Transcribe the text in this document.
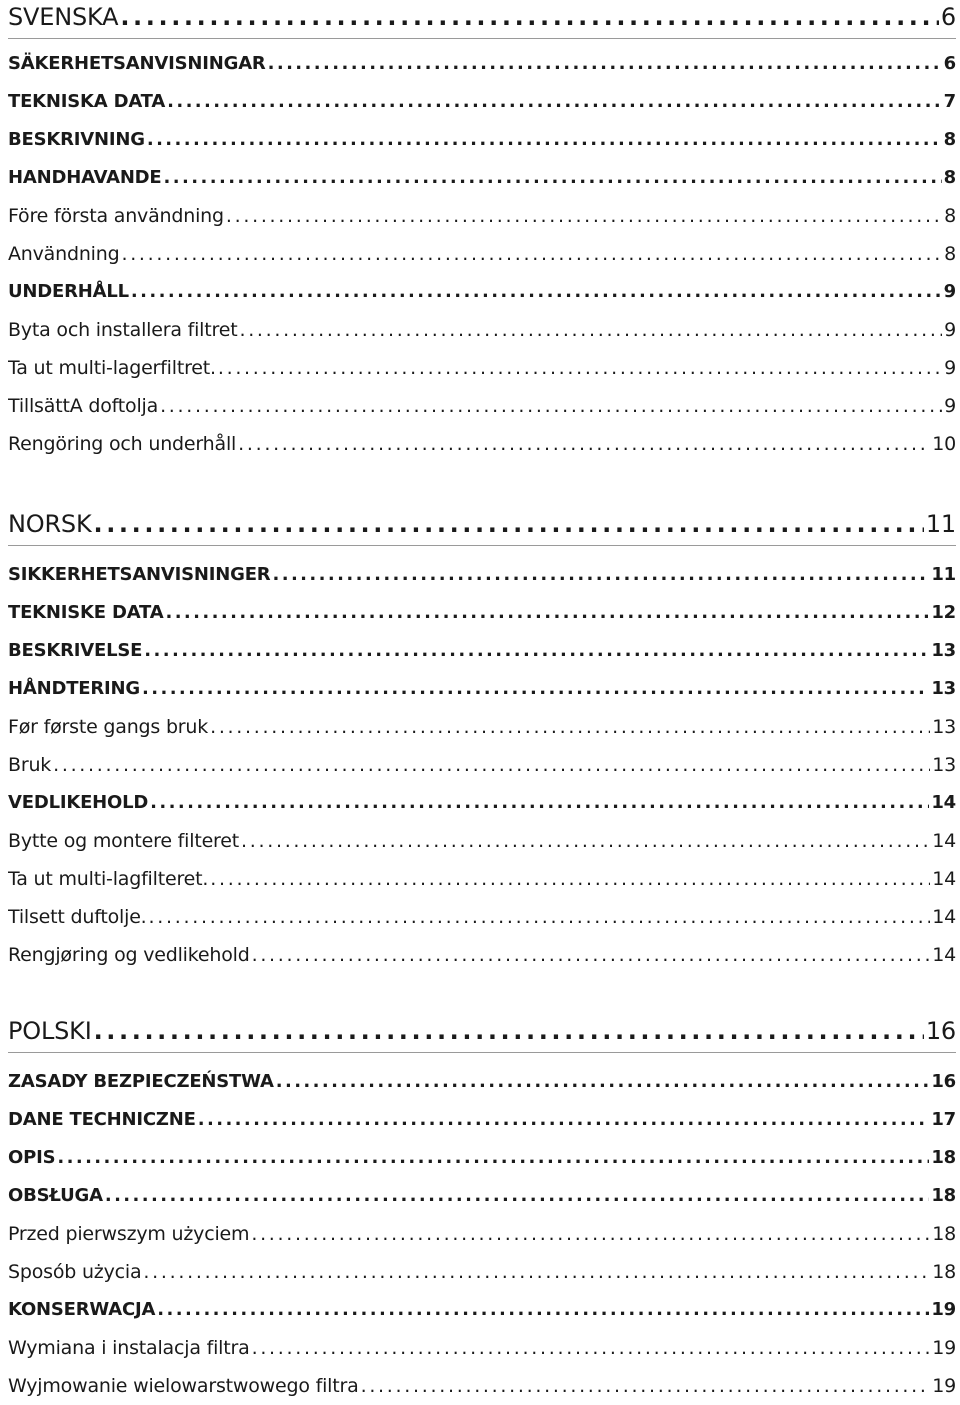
SVENSKA .....	6
SÄKERHETSANVISNINGAR .....	6
TEKNISKA DATA .....	7
BESKRIVNING .....	8
HANDHAVANDE .....	8
Före första användning .....	8
Användning .....	8
UNDERHÅLL .....	9
Byta och installera filtret .....	9
Ta ut multi-lagerfiltret. .....	9
TillsättA doftolja .....	9
Rengöring och underhåll .....	10
NORSK .....	11
SIKKERHETSANVISNINGER .....	11
TEKNISKE DATA .....	12
BESKRIVELSE .....	13
HÅNDTERING .....	13
Før første gangs bruk .....	13
Bruk .....	13
VEDLIKEHOLD .....	14
Bytte og montere filteret .....	14
Ta ut multi-lagfilteret. .....	14
Tilsett duftolje. .....	14
Rengjøring og vedlikehold .....	14
POLSKI .....	16
ZASADY BEZPIECZEŃSTWA .....	16
DANE TECHNICZNE .....	17
OPIS .....	18
OBSŁUGA .....	18
Przed pierwszym użyciem .....	18
Sposób użycia .....	18
KONSERWACJA .....	19
Wymiana i instalacja filtra .....	19
Wyjmowanie wielowarstwowego filtra .....	19
